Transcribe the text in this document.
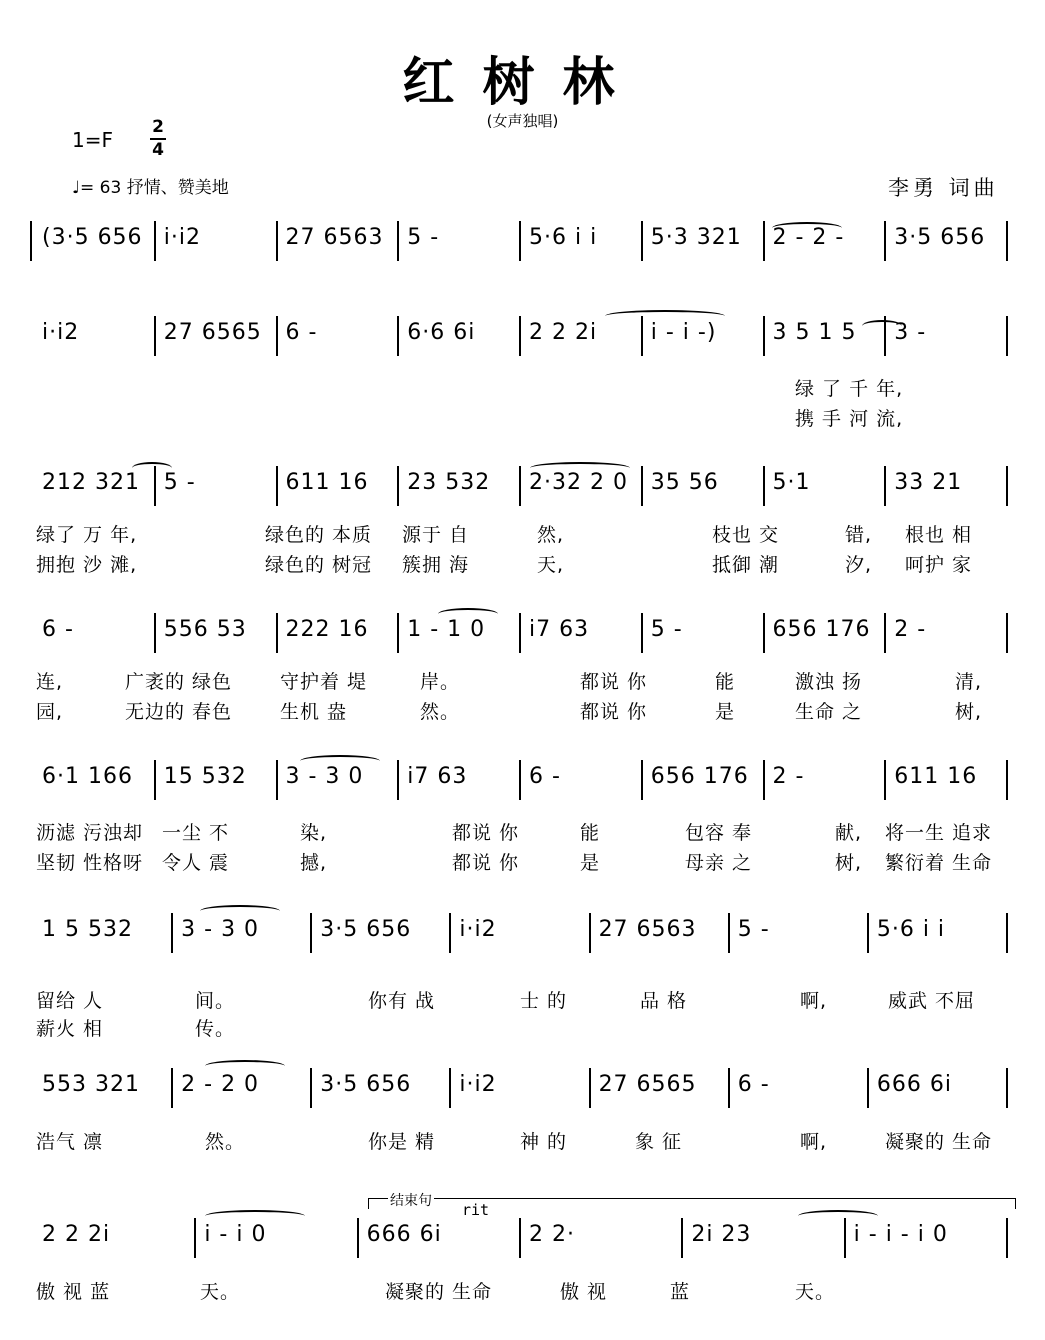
红树林
(女声独唱)
1=F
2
4
♩= 63 抒情、赞美地	李勇 词曲
结束句 rit
(3·5 656 i·i2	27 6563 5 -	5·6 i i 5·3 321 2 - 2 - 3·5 656
i·i2	27 6565 6 -	6·6 6i 2 2 2i i - i -)	3 5 1 5 3 -
绿 了 千 年,
携 手 河 流,
212 321 5 -	611 16 23 532 2·32 2 0 35 56 5·1	33 21
绿了 万 年,	绿色的 本质 源于 自	然,	枝也 交	错, 根也 相
拥抱 沙 滩,	绿色的 树冠 簇拥 海	天,	抵御 潮	汐, 呵护 家
6 -	556 53 222 16 1 - 1 0 i7 63	5 -	656 176 2 -
连,	广袤的 绿色	守护着 堤	岸。	都说 你	能	激浊 扬	清,
园,	无边的 春色	生机 盎	然。	都说 你	是	生命 之	树,
6·1 166 15 532 3 - 3 0 i7 63	6 -	656 176 2 -	611 16
沥滤 污浊却 一尘 不	染,	都说 你	能	包容 奉	献, 将一生 追求
坚韧 性格呀 令人 震	撼,	都说 你	是	母亲 之	树, 繁衍着 生命
1 5 532 3 - 3 0	3·5 656 i·i2	27 6563 5 -	5·6 i i
留给 人	间。	你有 战	士 的	品 格	啊,	威武 不屈
薪火 相	传。
553 321 2 - 2 0	3·5 656 i·i2	27 6565 6 -	666 6i
浩气 凛	然。	你是 精	神 的	象 征	啊,	凝聚的 生命
2 2 2i	i - i 0	666 6i	2 2·	2i 23	i - i - i 0
傲 视 蓝	天。	凝聚的 生命	傲 视	蓝	天。
